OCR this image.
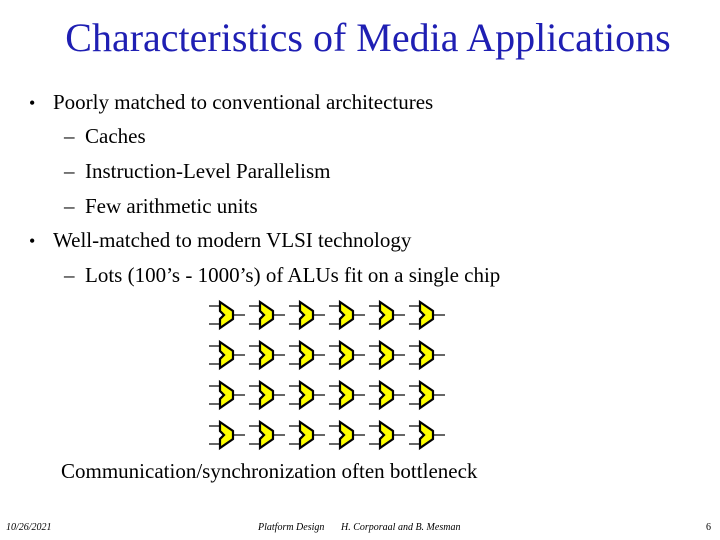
Characteristics of Media Applications
• Poorly matched to conventional architectures
– Caches
– Instruction-Level Parallelism
– Few arithmetic units
• Well-matched to modern VLSI technology
– Lots (100’s - 1000’s) of ALUs fit on a single chip
Communication/synchronization often bottleneck
10/26/2021	Platform Design H. Corporaal and B. Mesman	6
